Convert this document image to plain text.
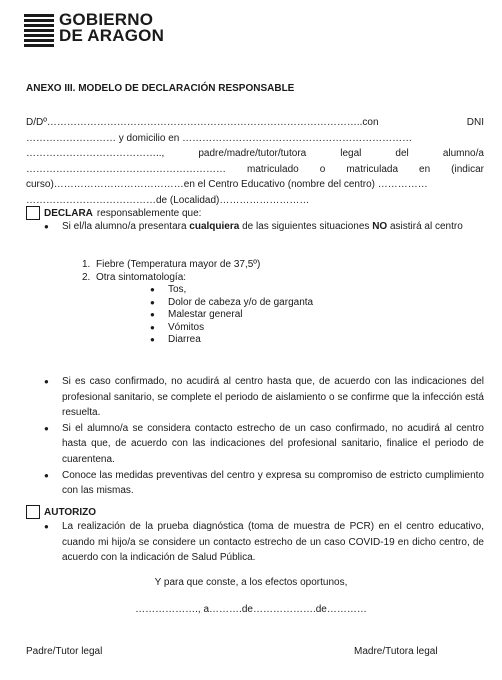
GOBIERNO
DE ARAGON
ANEXO III. MODELO DE DECLARACIÓN RESPONSABLE
D/Dº…………………………………………………………………………………..con	DNI
……………………… y domicilio en ……………………………………………………………
…………………………………..,	padre/madre/tutor/tutora	legal	del	alumno/a
…………………………………………………… matriculado o matriculada en (indicar
curso)…………………………………en el Centro Educativo (nombre del centro) ……………
…………………………………de (Localidad)………………………
DECLARA responsablemente que:
● Si el/la alumno/a presentara cualquiera de las siguientes situaciones NO asistirá al centro
1. Fiebre (Temperatura mayor de 37,5º)
2. Otra sintomatología:
● Tos,
● Dolor de cabeza y/o de garganta
● Malestar general
● Vómitos
● Diarrea
● Si es caso confirmado, no acudirá al centro hasta que, de acuerdo con las indicaciones del profesional sanitario, se complete el periodo de aislamiento o se confirme que la infección está resuelta.
● Si el alumno/a se considera contacto estrecho de un caso confirmado, no acudirá al centro hasta que, de acuerdo con las indicaciones del profesional sanitario, finalice el periodo de cuarentena.
● Conoce las medidas preventivas del centro y expresa su compromiso de estricto cumplimiento con las mismas.
AUTORIZO
● La realización de la prueba diagnóstica (toma de muestra de PCR) en el centro educativo, cuando mi hijo/a se considere un contacto estrecho de un caso COVID-19 en dicho centro, de acuerdo con la indicación de Salud Pública.
Y para que conste, a los efectos oportunos,
………………., a……….de……………….de…………
Padre/Tutor legal	Madre/Tutora legal
